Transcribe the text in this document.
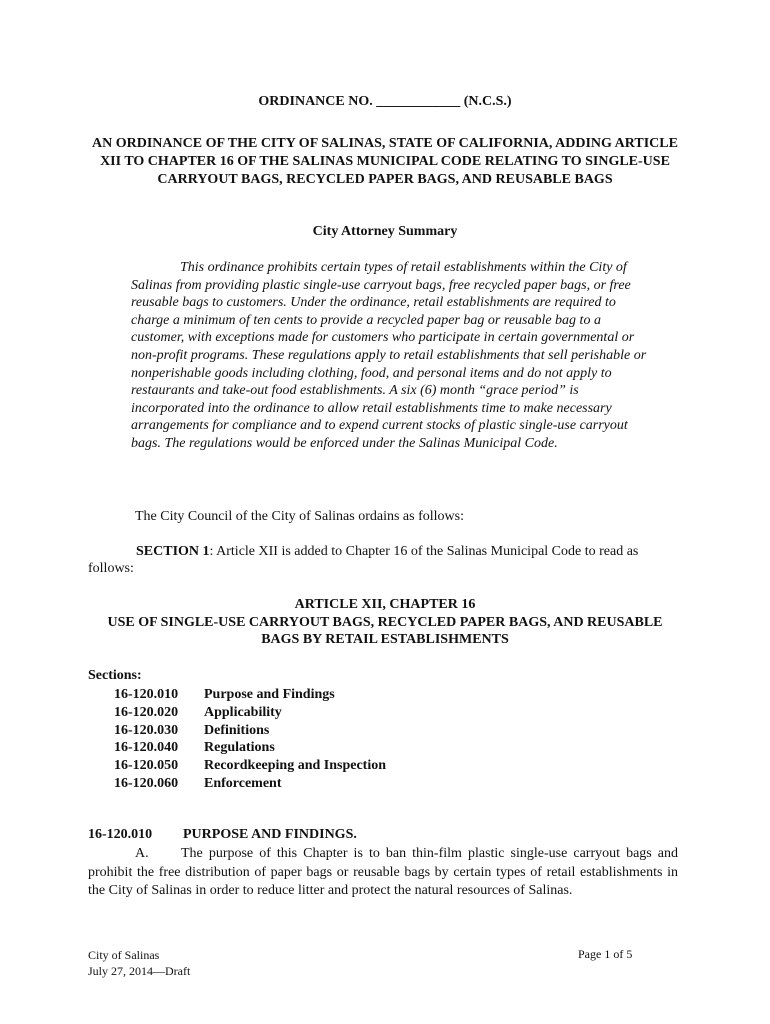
ORDINANCE NO. ____________ (N.C.S.)
AN ORDINANCE OF THE CITY OF SALINAS, STATE OF CALIFORNIA, ADDING ARTICLE XII TO CHAPTER 16 OF THE SALINAS MUNICIPAL CODE RELATING TO SINGLE-USE CARRYOUT BAGS, RECYCLED PAPER BAGS, AND REUSABLE BAGS
City Attorney Summary
This ordinance prohibits certain types of retail establishments within the City of Salinas from providing plastic single-use carryout bags, free recycled paper bags, or free reusable bags to customers. Under the ordinance, retail establishments are required to charge a minimum of ten cents to provide a recycled paper bag or reusable bag to a customer, with exceptions made for customers who participate in certain governmental or non-profit programs. These regulations apply to retail establishments that sell perishable or nonperishable goods including clothing, food, and personal items and do not apply to restaurants and take-out food establishments. A six (6) month “grace period” is incorporated into the ordinance to allow retail establishments time to make necessary arrangements for compliance and to expend current stocks of plastic single-use carryout bags. The regulations would be enforced under the Salinas Municipal Code.
The City Council of the City of Salinas ordains as follows:
SECTION 1: Article XII is added to Chapter 16 of the Salinas Municipal Code to read as follows:
ARTICLE XII, CHAPTER 16
USE OF SINGLE-USE CARRYOUT BAGS, RECYCLED PAPER BAGS, AND REUSABLE BAGS BY RETAIL ESTABLISHMENTS
Sections:
16-120.010	Purpose and Findings
16-120.020	Applicability
16-120.030	Definitions
16-120.040	Regulations
16-120.050	Recordkeeping and Inspection
16-120.060	Enforcement
16-120.010	PURPOSE AND FINDINGS.
A. The purpose of this Chapter is to ban thin-film plastic single-use carryout bags and prohibit the free distribution of paper bags or reusable bags by certain types of retail establishments in the City of Salinas in order to reduce litter and protect the natural resources of Salinas.
City of Salinas
July 27, 2014—Draft
Page 1 of 5
